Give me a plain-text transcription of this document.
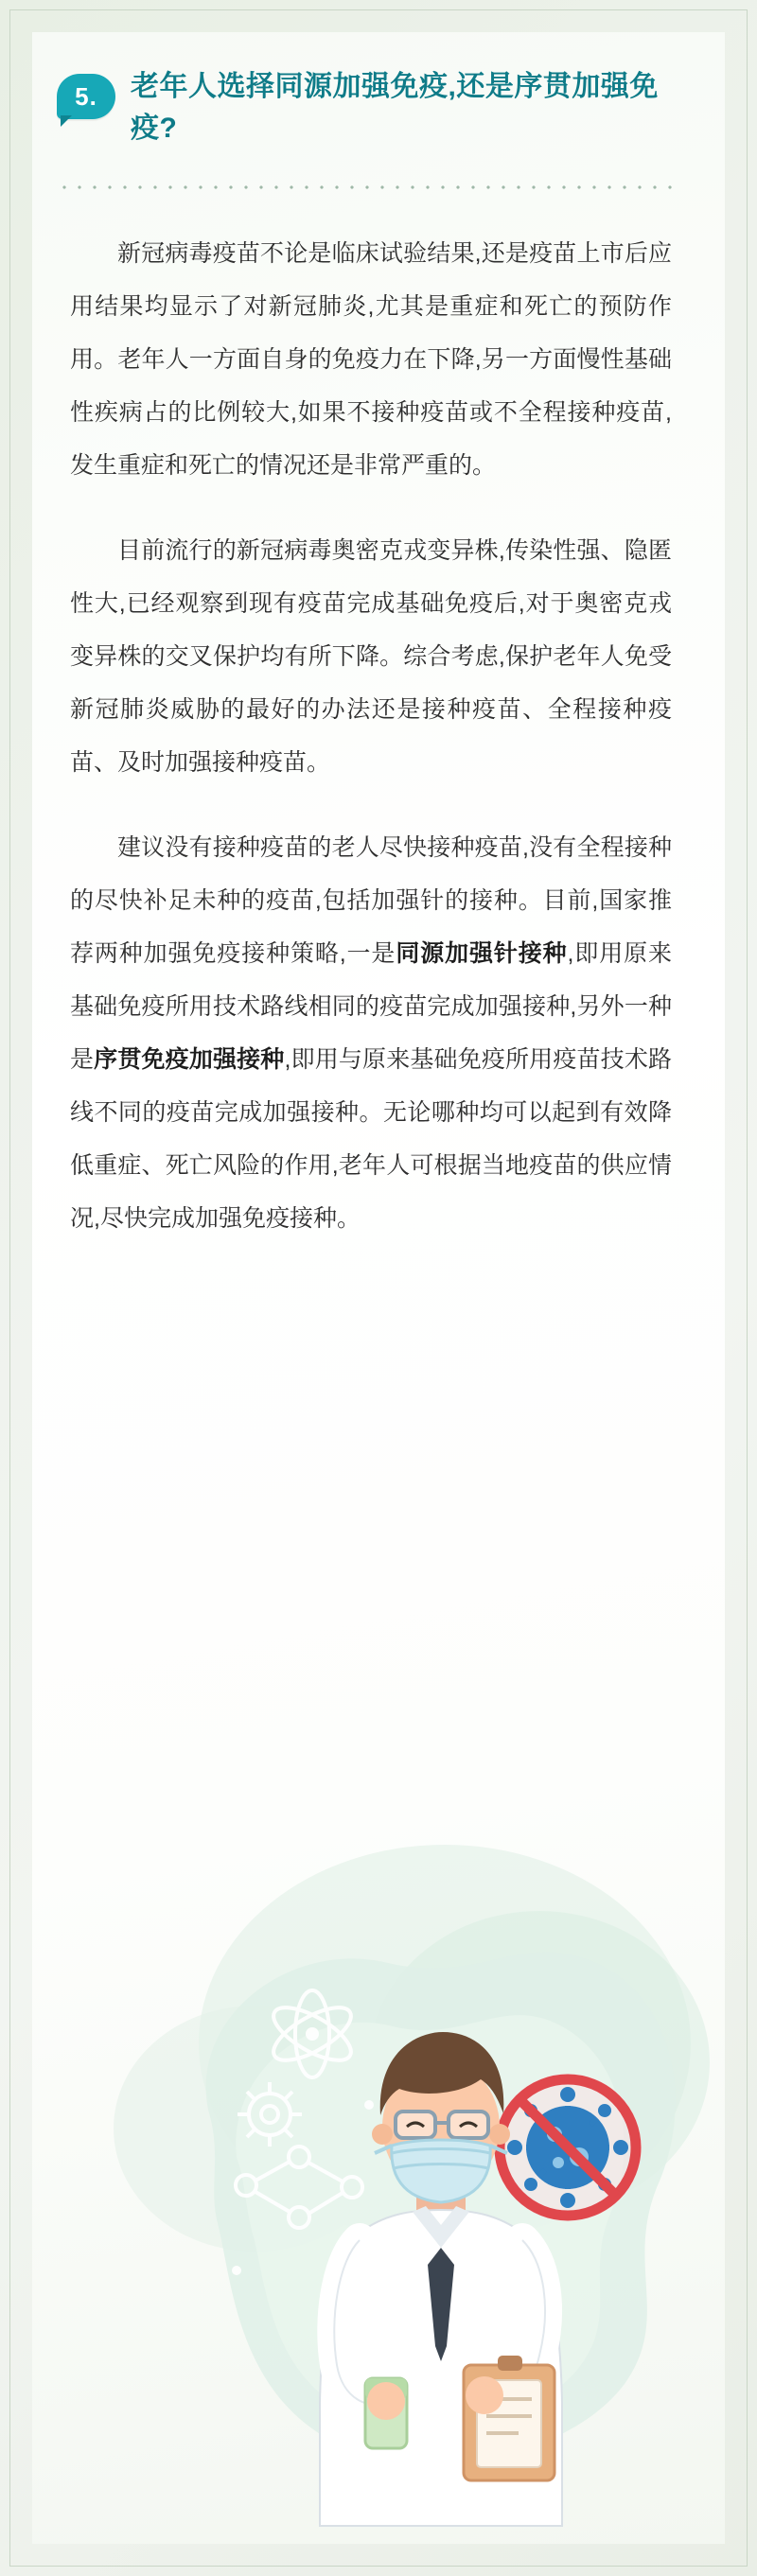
5.	老年人选择同源加强免疫,还是序贯加强免疫?

新冠病毒疫苗不论是临床试验结果,还是疫苗上市后应用结果均显示了对新冠肺炎,尤其是重症和死亡的预防作用。老年人一方面自身的免疫力在下降,另一方面慢性基础性疾病占的比例较大,如果不接种疫苗或不全程接种疫苗,发生重症和死亡的情况还是非常严重的。

目前流行的新冠病毒奥密克戎变异株,传染性强、隐匿性大,已经观察到现有疫苗完成基础免疫后,对于奥密克戎变异株的交叉保护均有所下降。综合考虑,保护老年人免受新冠肺炎威胁的最好的办法还是接种疫苗、全程接种疫苗、及时加强接种疫苗。

建议没有接种疫苗的老人尽快接种疫苗,没有全程接种的尽快补足未种的疫苗,包括加强针的接种。目前,国家推荐两种加强免疫接种策略,一是同源加强针接种,即用原来基础免疫所用技术路线相同的疫苗完成加强接种,另外一种是序贯免疫加强接种,即用与原来基础免疫所用疫苗技术路线不同的疫苗完成加强接种。无论哪种均可以起到有效降低重症、死亡风险的作用,老年人可根据当地疫苗的供应情况,尽快完成加强免疫接种。
